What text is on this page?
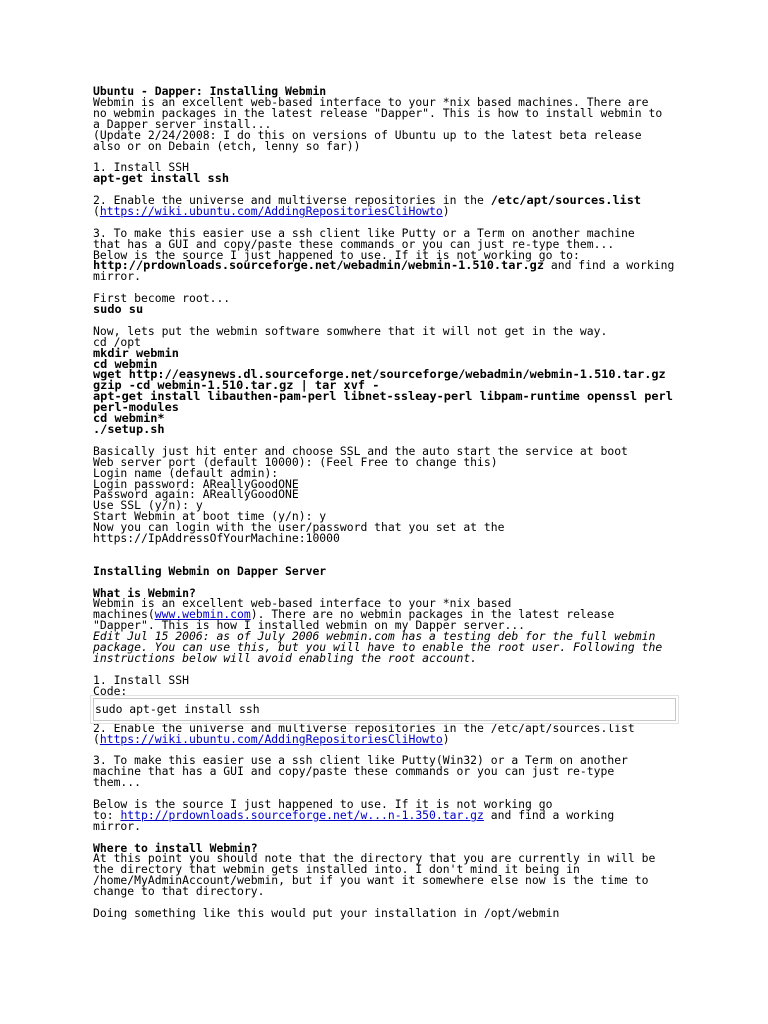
Ubuntu - Dapper: Installing Webmin
Webmin is an excellent web-based interface to your *nix based machines. There are
no webmin packages in the latest release "Dapper". This is how to install webmin to
a Dapper server install...
(Update 2/24/2008: I do this on versions of Ubuntu up to the latest beta release
also or on Debain (etch, lenny so far))
1. Install SSH
apt-get install ssh
2. Enable the universe and multiverse repositories in the /etc/apt/sources.list
(https://wiki.ubuntu.com/AddingRepositoriesCliHowto)
3. To make this easier use a ssh client like Putty or a Term on another machine
that has a GUI and copy/paste these commands or you can just re-type them...
Below is the source I just happened to use. If it is not working go to:
http://prdownloads.sourceforge.net/webadmin/webmin-1.510.tar.gz and find a working
mirror.
First become root...
sudo su
Now, lets put the webmin software somwhere that it will not get in the way.
cd /opt
mkdir webmin
cd webmin
wget http://easynews.dl.sourceforge.net/sourceforge/webadmin/webmin-1.510.tar.gz
gzip -cd webmin-1.510.tar.gz | tar xvf -
apt-get install libauthen-pam-perl libnet-ssleay-perl libpam-runtime openssl perl
perl-modules
cd webmin*
./setup.sh
Basically just hit enter and choose SSL and the auto start the service at boot
Web server port (default 10000): (Feel Free to change this)
Login name (default admin):
Login password: AReallyGoodONE
Password again: AReallyGoodONE
Use SSL (y/n): y
Start Webmin at boot time (y/n): y
Now you can login with the user/password that you set at the
https://IpAddressOfYourMachine:10000
Installing Webmin on Dapper Server
What is Webmin?
Webmin is an excellent web-based interface to your *nix based
machines(www.webmin.com). There are no webmin packages in the latest release
"Dapper". This is how I installed webmin on my Dapper server...
Edit Jul 15 2006: as of July 2006 webmin.com has a testing deb for the full webmin
package. You can use this, but you will have to enable the root user. Following the
instructions below will avoid enabling the root account.
1. Install SSH
Code:
sudo apt-get install ssh
2. Enable the universe and multiverse repositories in the /etc/apt/sources.list
(https://wiki.ubuntu.com/AddingRepositoriesCliHowto)
3. To make this easier use a ssh client like Putty(Win32) or a Term on another
machine that has a GUI and copy/paste these commands or you can just re-type
them...
Below is the source I just happened to use. If it is not working go
to: http://prdownloads.sourceforge.net/w...n-1.350.tar.gz and find a working
mirror.
Where to install Webmin?
At this point you should note that the directory that you are currently in will be
the directory that webmin gets installed into. I don't mind it being in
/home/MyAdminAccount/webmin, but if you want it somewhere else now is the time to
change to that directory.
Doing something like this would put your installation in /opt/webmin
